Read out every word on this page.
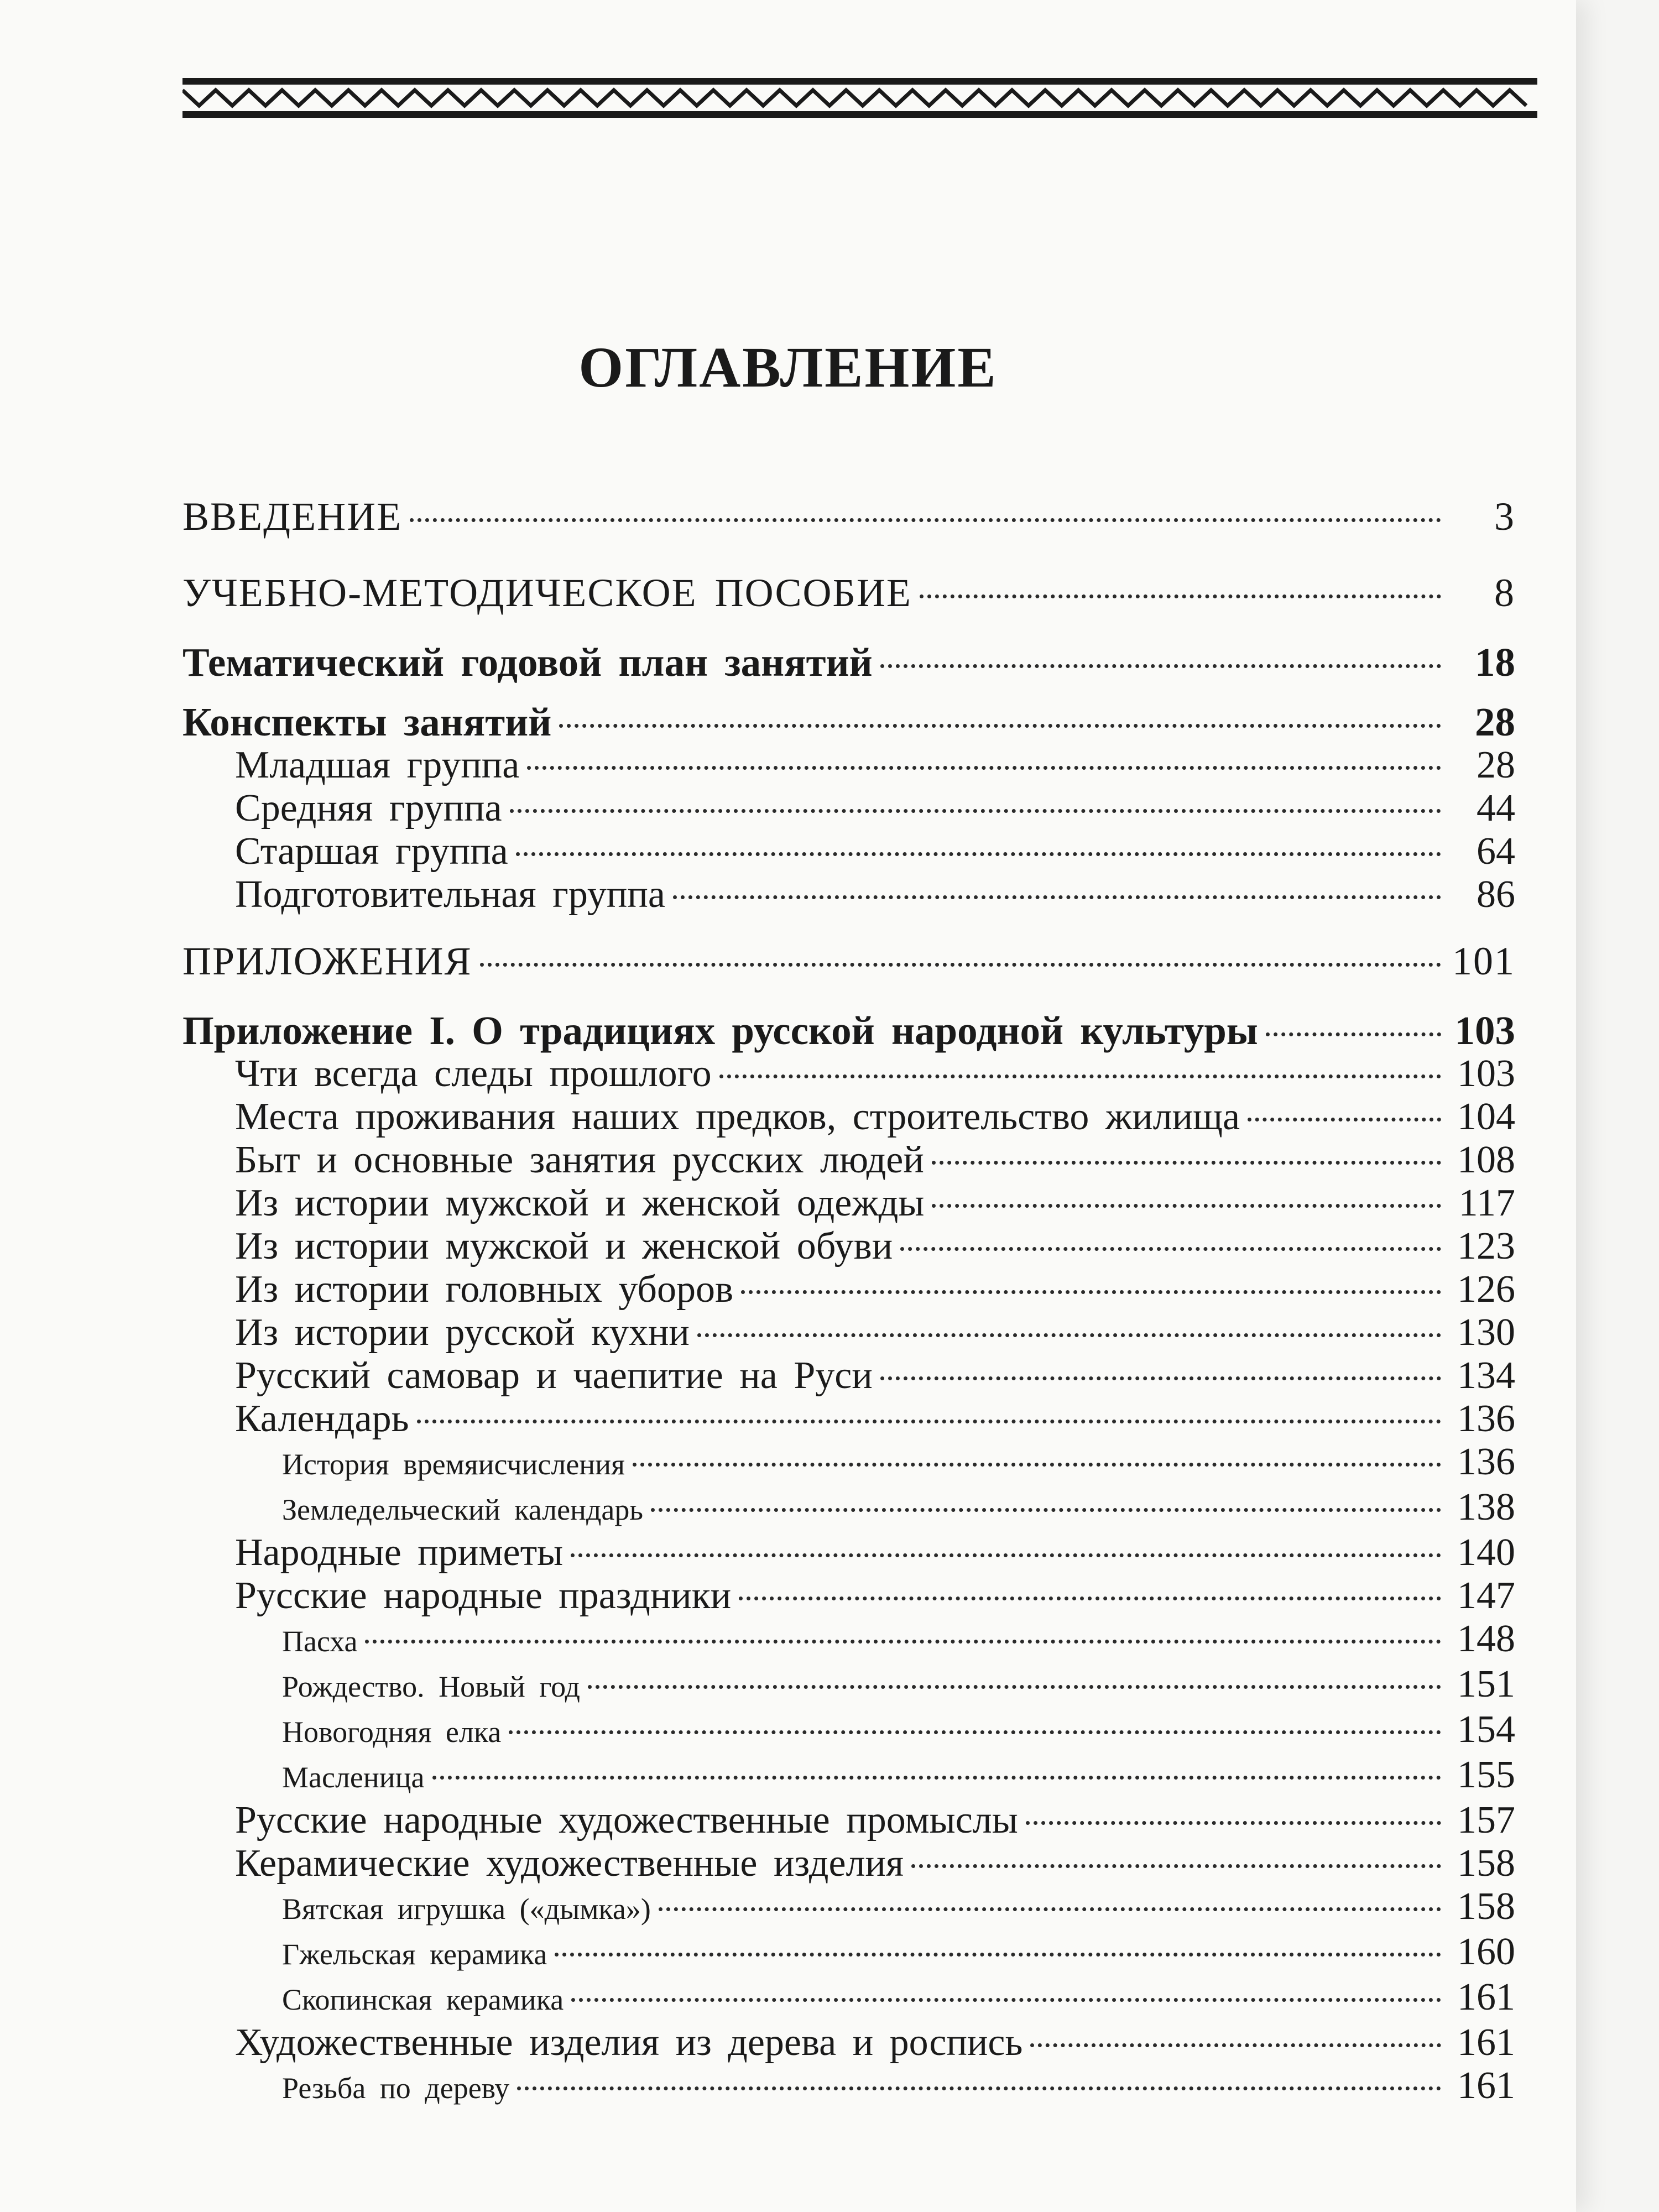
ОГЛАВЛЕНИЕ
ВВЕДЕНИЕ	3
УЧЕБНО-МЕТОДИЧЕСКОЕ ПОСОБИЕ	8
Тематический годовой план занятий	18
Конспекты занятий	28
Младшая группа	28
Средняя группа	44
Старшая группа	64
Подготовительная группа	86
ПРИЛОЖЕНИЯ	101
Приложение I. О традициях русской народной культуры	103
Чти всегда следы прошлого	103
Места проживания наших предков, строительство жилища	104
Быт и основные занятия русских людей	108
Из истории мужской и женской одежды	117
Из истории мужской и женской обуви	123
Из истории головных уборов	126
Из истории русской кухни	130
Русский самовар и чаепитие на Руси	134
Календарь	136
История времяисчисления	136
Земледельческий календарь	138
Народные приметы	140
Русские народные праздники	147
Пасха	148
Рождество. Новый год	151
Новогодняя елка	154
Масленица	155
Русские народные художественные промыслы	157
Керамические художественные изделия	158
Вятская игрушка («дымка»)	158
Гжельская керамика	160
Скопинская керамика	161
Художественные изделия из дерева и роспись	161
Резьба по дереву	161
